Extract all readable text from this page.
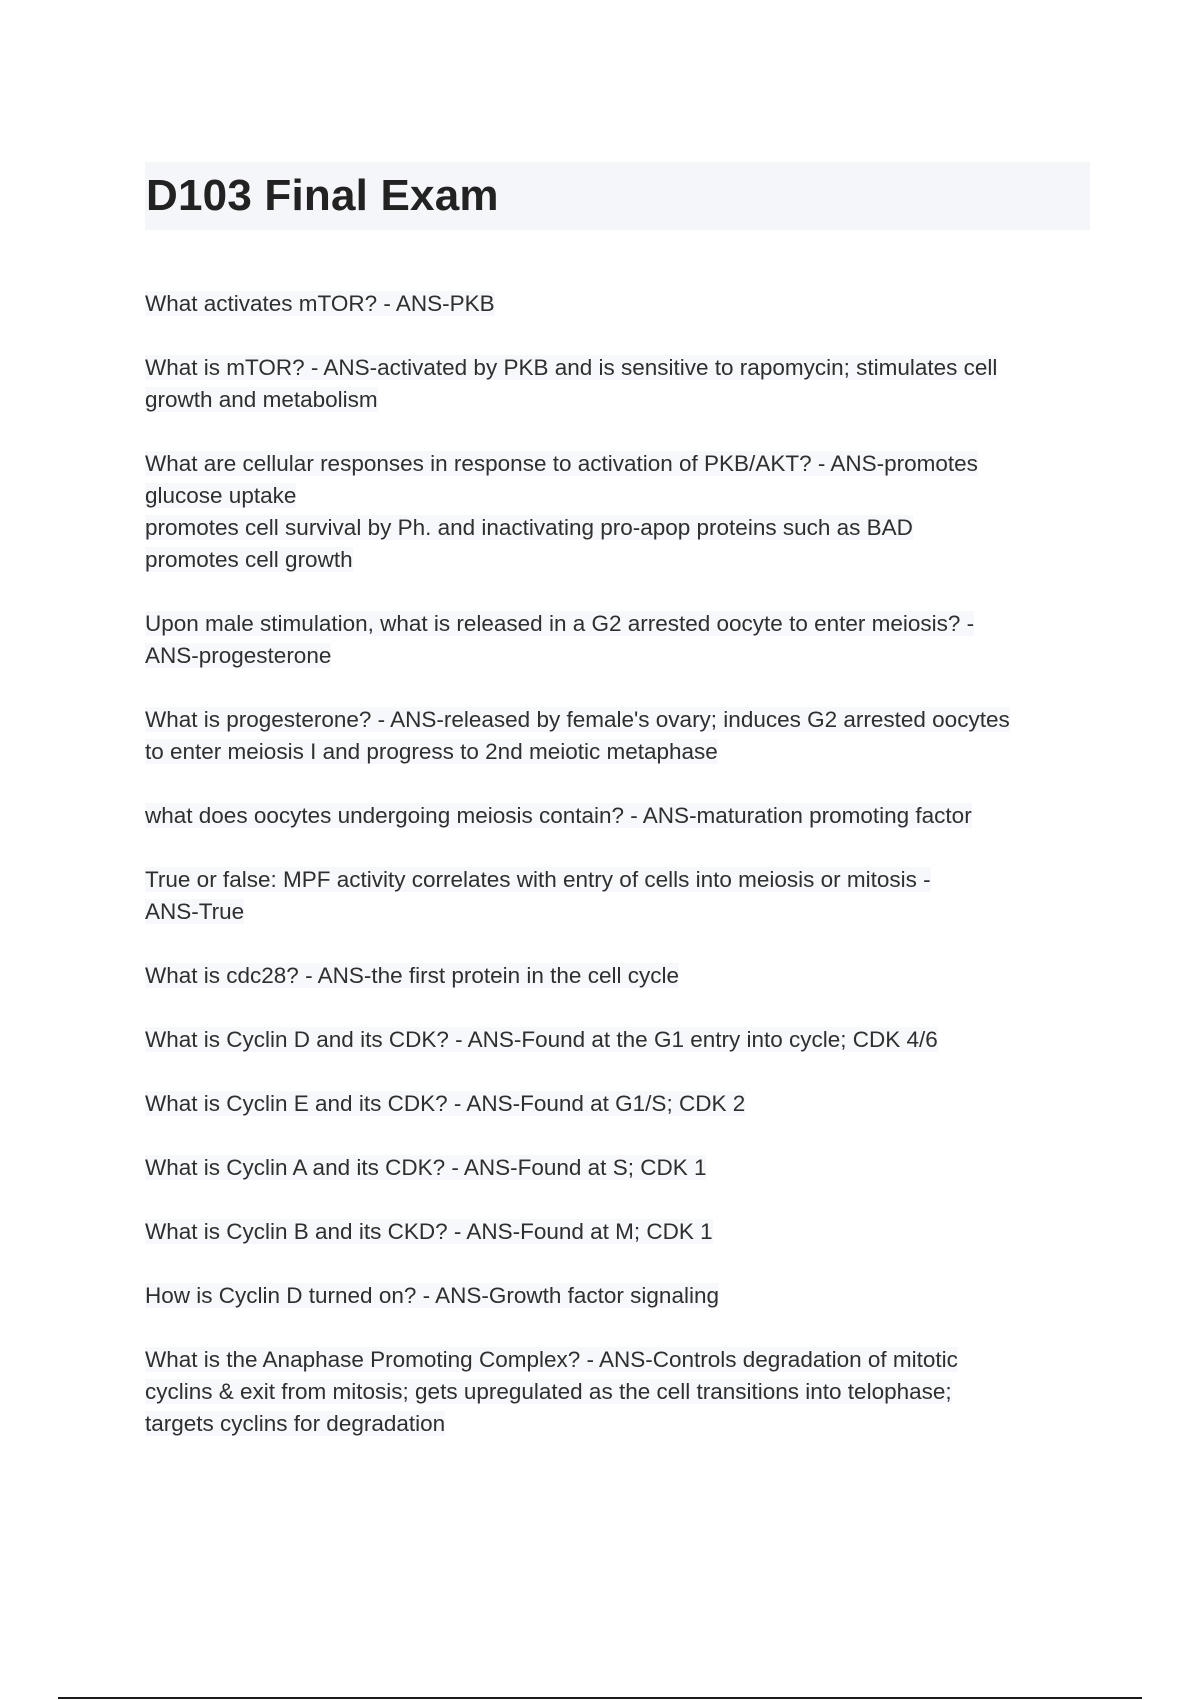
D103 Final Exam
What activates mTOR? - ANS-PKB
What is mTOR? - ANS-activated by PKB and is sensitive to rapomycin; stimulates cell
growth and metabolism
What are cellular responses in response to activation of PKB/AKT? - ANS-promotes
glucose uptake
promotes cell survival by Ph. and inactivating pro-apop proteins such as BAD
promotes cell growth
Upon male stimulation, what is released in a G2 arrested oocyte to enter meiosis? -
ANS-progesterone
What is progesterone? - ANS-released by female's ovary; induces G2 arrested oocytes
to enter meiosis I and progress to 2nd meiotic metaphase
what does oocytes undergoing meiosis contain? - ANS-maturation promoting factor
True or false: MPF activity correlates with entry of cells into meiosis or mitosis -
ANS-True
What is cdc28? - ANS-the first protein in the cell cycle
What is Cyclin D and its CDK? - ANS-Found at the G1 entry into cycle; CDK 4/6
What is Cyclin E and its CDK? - ANS-Found at G1/S; CDK 2
What is Cyclin A and its CDK? - ANS-Found at S; CDK 1
What is Cyclin B and its CKD? - ANS-Found at M; CDK 1
How is Cyclin D turned on? - ANS-Growth factor signaling
What is the Anaphase Promoting Complex? - ANS-Controls degradation of mitotic
cyclins & exit from mitosis; gets upregulated as the cell transitions into telophase;
targets cyclins for degradation
